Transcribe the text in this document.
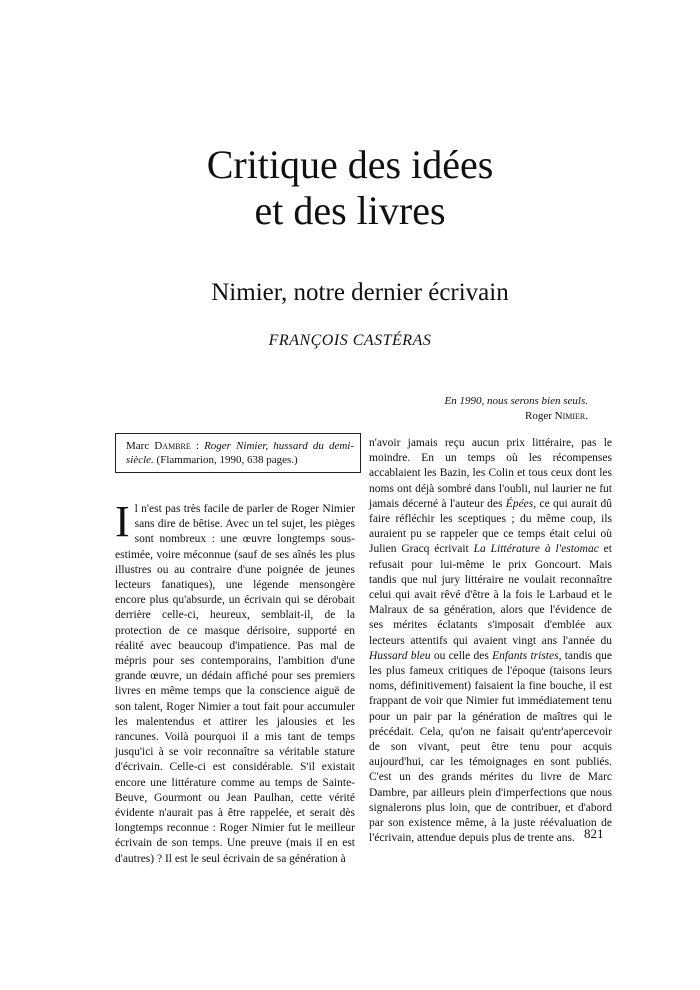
Critique des idées
et des livres
Nimier, notre dernier écrivain
FRANÇOIS CASTÉRAS
En 1990, nous serons bien seuls.
Roger Nimier.
Marc Dambre : Roger Nimier, hussard du demi-siècle. (Flammarion, 1990, 638 pages.)

Il n'est pas très facile de parler de Roger Nimier sans dire de bêtise. Avec un tel sujet, les pièges sont nombreux : une œuvre longtemps sous-estimée, voire méconnue (sauf de ses aînés les plus illustres ou au contraire d'une poignée de jeunes lecteurs fanatiques), une légende mensongère encore plus qu'absurde, un écrivain qui se dérobait derrière celle-ci, heureux, semblait-il, de la protection de ce masque dérisoire, supporté en réalité avec beaucoup d'impatience. Pas mal de mépris pour ses contemporains, l'ambition d'une grande œuvre, un dédain affiché pour ses premiers livres en même temps que la conscience aiguë de son talent, Roger Nimier a tout fait pour accumuler les malentendus et attirer les jalousies et les rancunes. Voilà pourquoi il a mis tant de temps jusqu'ici à se voir reconnaître sa véritable stature d'écrivain. Celle-ci est considérable. S'il existait encore une littérature comme au temps de Sainte-Beuve, Gourmont ou Jean Paulhan, cette vérité évidente n'aurait pas à être rappelée, et serait dès longtemps reconnue : Roger Nimier fut le meilleur écrivain de son temps. Une preuve (mais il en est d'autres) ? Il est le seul écrivain de sa génération à

n'avoir jamais reçu aucun prix littéraire, pas le moindre. En un temps où les récompenses accablaient les Bazin, les Colin et tous ceux dont les noms ont déjà sombré dans l'oubli, nul laurier ne fut jamais décerné à l'auteur des Épées, ce qui aurait dû faire réfléchir les sceptiques ; du même coup, ils auraient pu se rappeler que ce temps était celui où Julien Gracq écrivait La Littérature à l'estomac et refusait pour lui-même le prix Goncourt. Mais tandis que nul jury littéraire ne voulait reconnaître celui qui avait rêvé d'être à la fois le Larbaud et le Malraux de sa génération, alors que l'évidence de ses mérites éclatants s'imposait d'emblée aux lecteurs attentifs qui avaient vingt ans l'année du Hussard bleu ou celle des Enfants tristes, tandis que les plus fameux critiques de l'époque (taisons leurs noms, définitivement) faisaient la fine bouche, il est frappant de voir que Nimier fut immédiatement tenu pour un pair par la génération de maîtres qui le précédait. Cela, qu'on ne faisait qu'entr'apercevoir de son vivant, peut être tenu pour acquis aujourd'hui, car les témoignages en sont publiés. C'est un des grands mérites du livre de Marc Dambre, par ailleurs plein d'imperfections que nous signalerons plus loin, que de contribuer, et d'abord par son existence même, à la juste réévaluation de l'écrivain, attendue depuis plus de trente ans. 821
